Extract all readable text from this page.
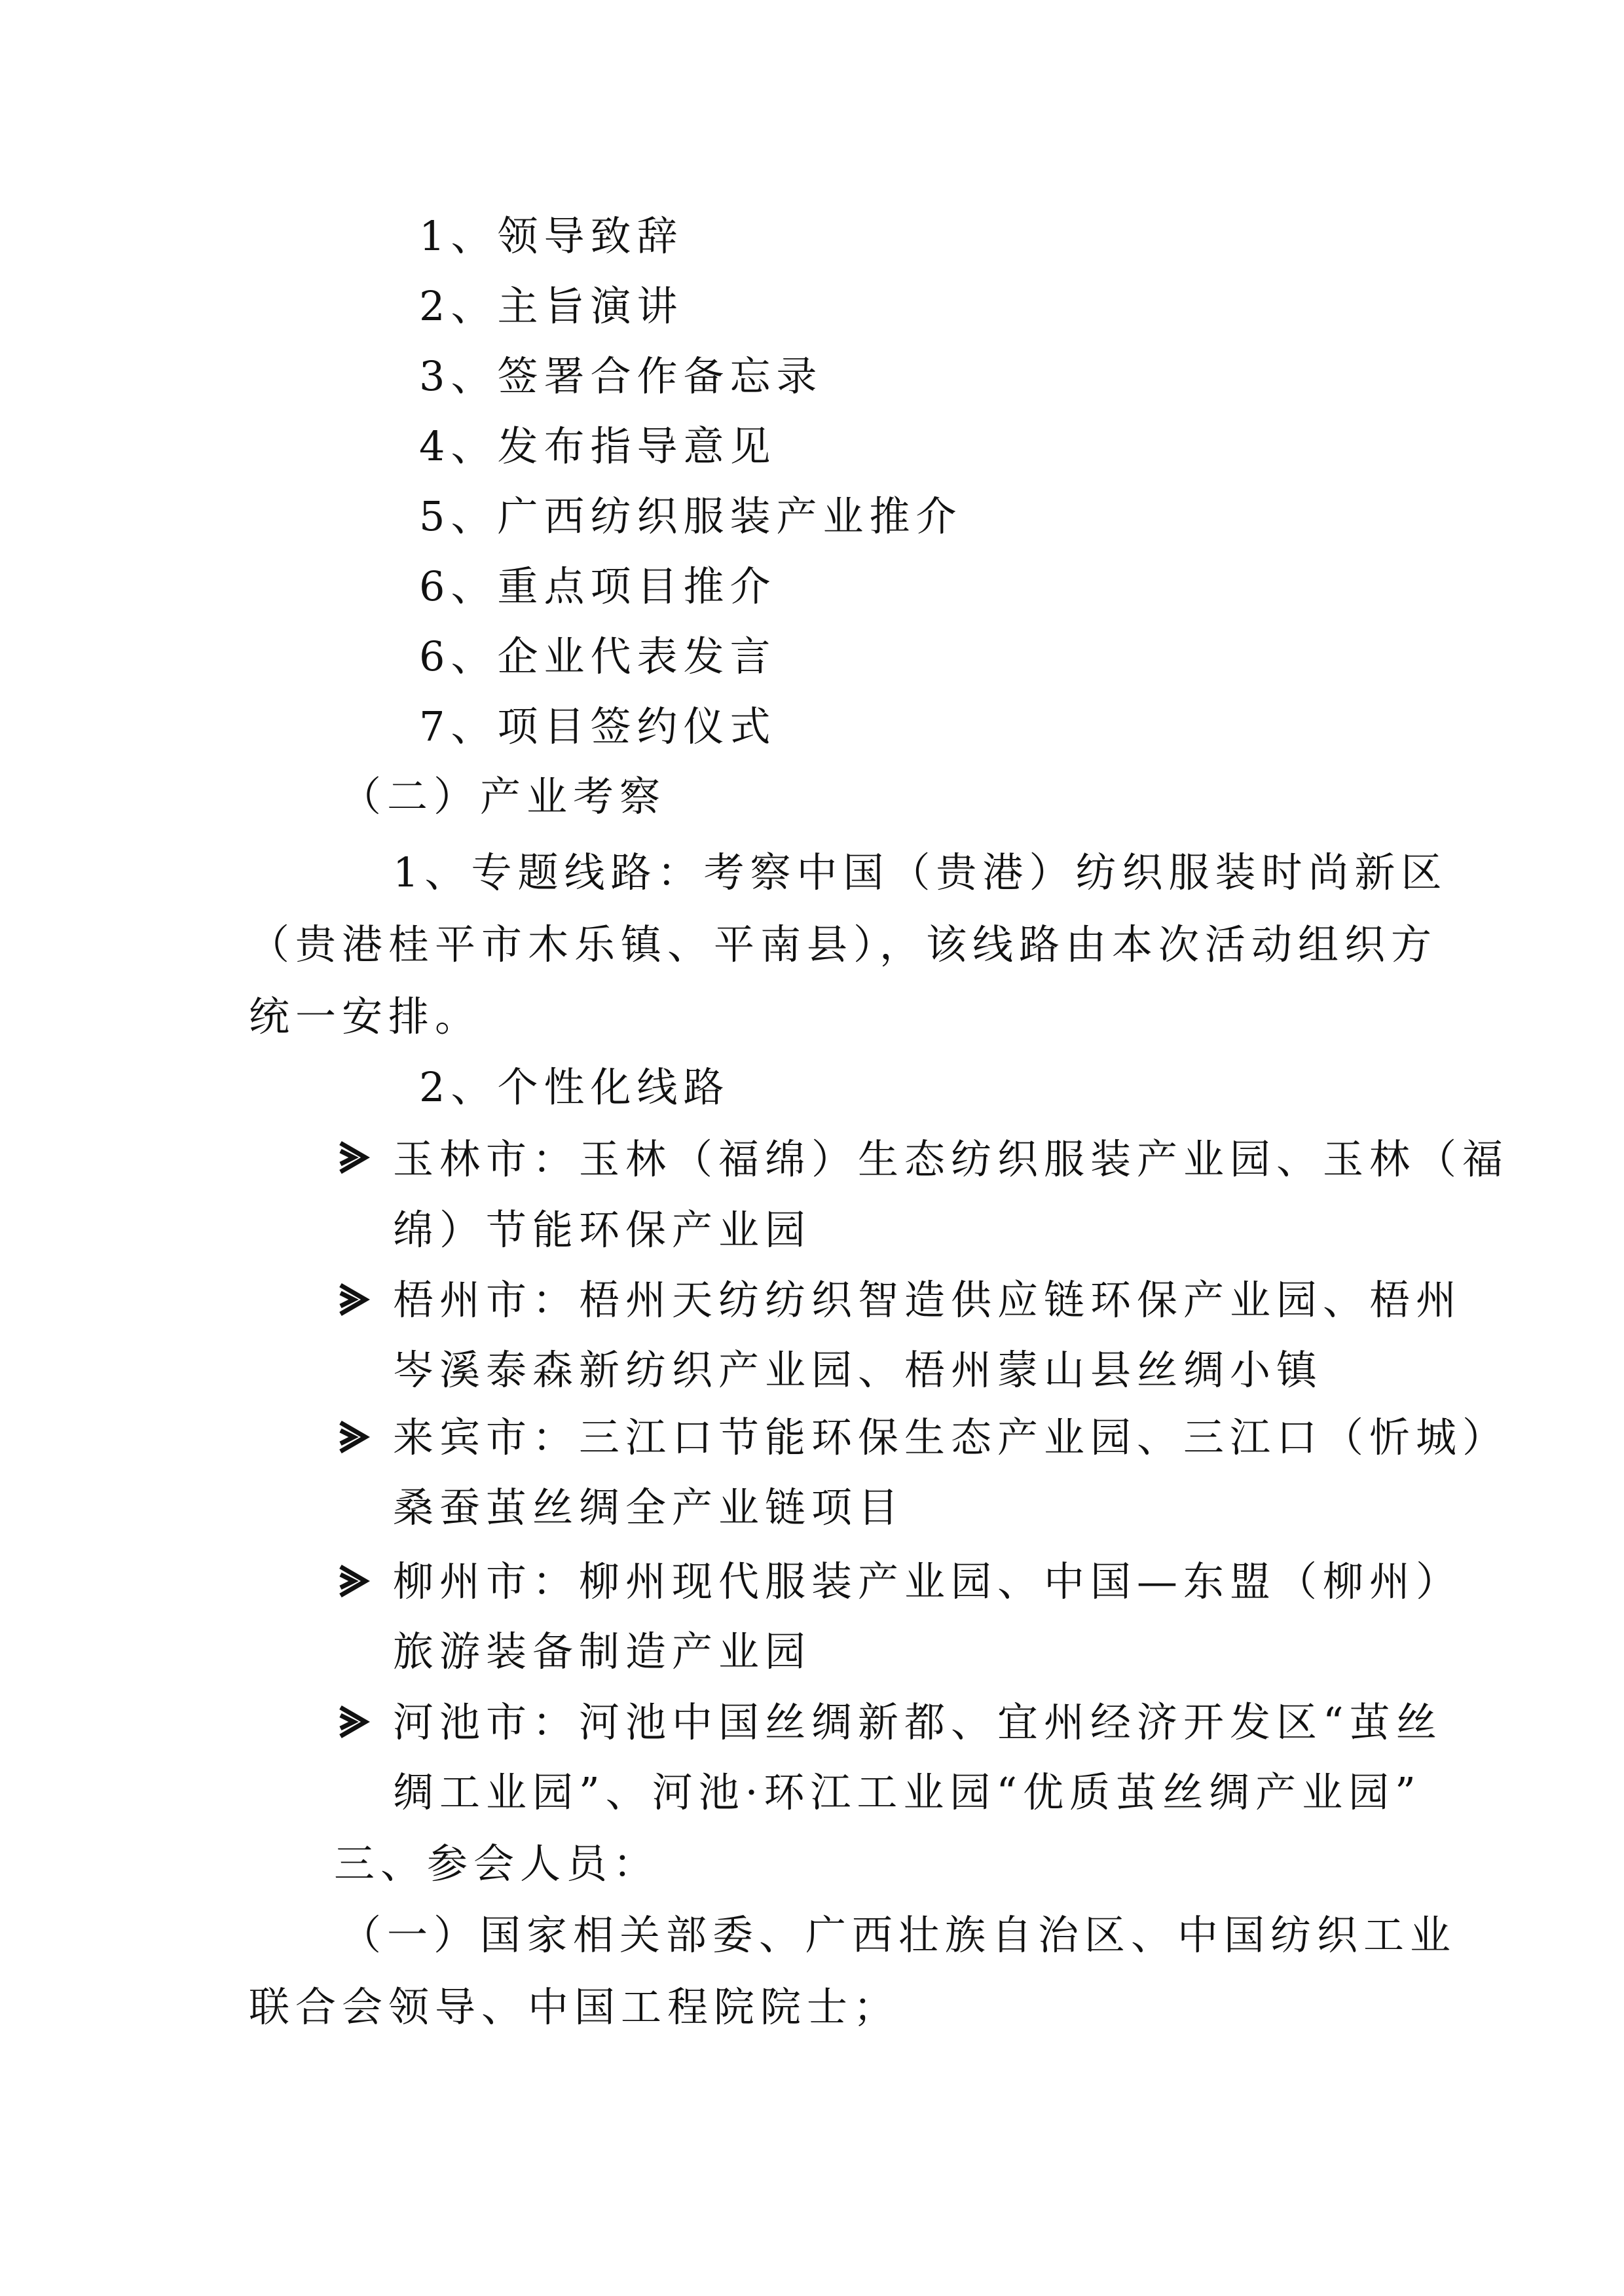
1、领导致辞
2、主旨演讲
3、签署合作备忘录
4、发布指导意见
5、广西纺织服装产业推介
6、重点项目推介
6、企业代表发言
7、项目签约仪式
（二）产业考察
1、专题线路：考察中国（贵港）纺织服装时尚新区
（贵港桂平市木乐镇、平南县），该线路由本次活动组织方
统一安排。
2、个性化线路
玉林市：玉林（福绵）生态纺织服装产业园、玉林（福
绵）节能环保产业园
梧州市：梧州天纺纺织智造供应链环保产业园、梧州
岑溪泰森新纺织产业园、梧州蒙山县丝绸小镇
来宾市：三江口节能环保生态产业园、三江口（忻城）
桑蚕茧丝绸全产业链项目
柳州市：柳州现代服装产业园、中国—东盟（柳州）
旅游装备制造产业园
河池市：河池中国丝绸新都、宜州经济开发区“茧丝
绸工业园”、河池·环江工业园“优质茧丝绸产业园”
三、参会人员：
（一）国家相关部委、广西壮族自治区、中国纺织工业
联合会领导、中国工程院院士；
